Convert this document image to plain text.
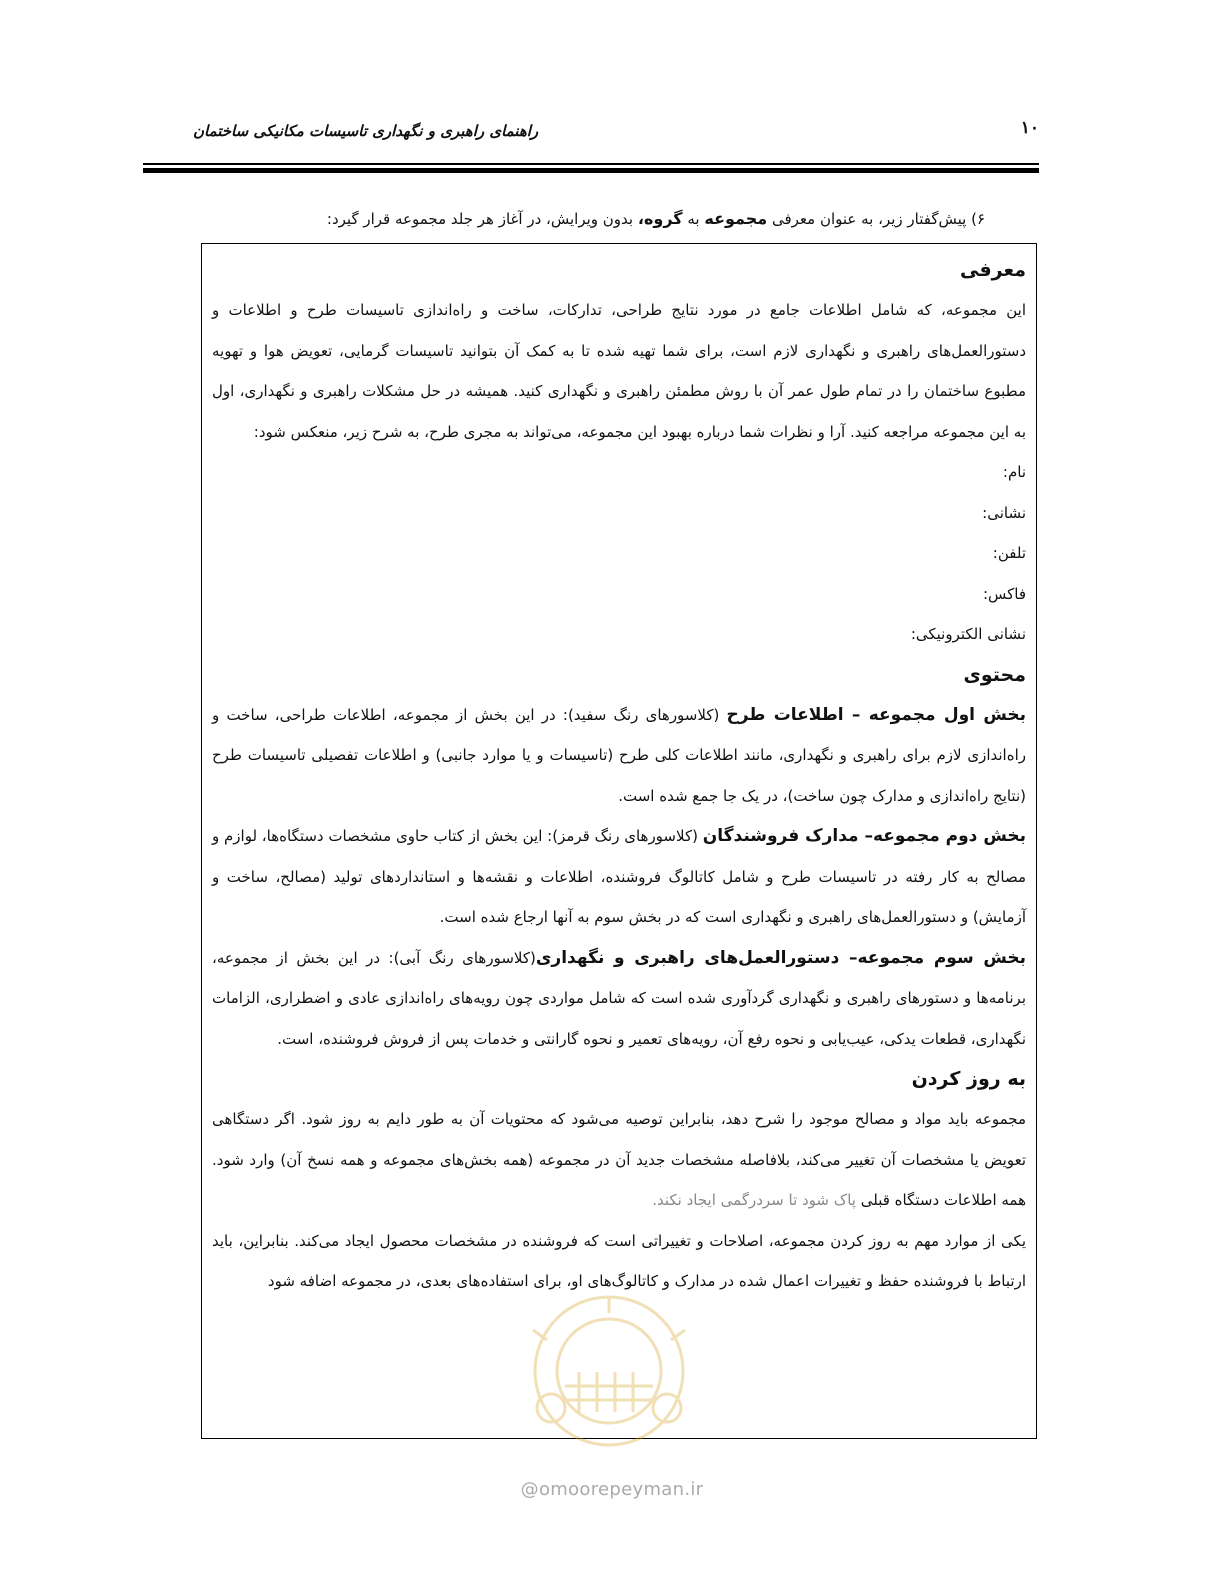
۱۰
راهنمای راهبری و نگهداری تاسیسات مکانیکی ساختمان
۶) پیش‌گفتار زیر، به عنوان معرفی مجموعه به گروه، بدون ویرایش، در آغاز هر جلد مجموعه قرار گیرد:

معرفی

این مجموعه، که شامل اطلاعات جامع در مورد نتایج طراحی، تدارکات، ساخت و راه‌اندازی تاسیسات طرح و اطلاعات و دستورالعمل‌های راهبری و نگهداری لازم است، برای شما تهیه شده تا به کمک آن بتوانید تاسیسات گرمایی، تعویض هوا و تهویه مطبوع ساختمان را در تمام طول عمر آن با روش مطمئن راهبری و نگهداری کنید. همیشه در حل مشکلات راهبری و نگهداری، اول به این مجموعه مراجعه کنید. آرا و نظرات شما درباره بهبود این مجموعه، می‌تواند به مجری طرح، به شرح زیر، منعکس شود:

نام:

نشانی:

تلفن:

فاکس:

نشانی الکترونیکی:

محتوی

بخش اول مجموعه – اطلاعات طرح (کلاسورهای رنگ سفید): در این بخش از مجموعه، اطلاعات طراحی، ساخت و راه‌اندازی لازم برای راهبری و نگهداری، مانند اطلاعات کلی طرح (تاسیسات و یا موارد جانبی) و اطلاعات تفصیلی تاسیسات طرح (نتایج راه‌اندازی و مدارک چون ساخت)، در یک جا جمع شده است.

بخش دوم مجموعه– مدارک فروشندگان (کلاسورهای رنگ قرمز): این بخش از کتاب حاوی مشخصات دستگاه‌ها، لوازم و مصالح به کار رفته در تاسیسات طرح و شامل کاتالوگ فروشنده، اطلاعات و نقشه‌ها و استانداردهای تولید (مصالح، ساخت و آزمایش) و دستورالعمل‌های راهبری و نگهداری است که در بخش سوم به آنها ارجاع شده است.

بخش سوم مجموعه– دستورالعمل‌های راهبری و نگهداری(کلاسورهای رنگ آبی): در این بخش از مجموعه، برنامه‌ها و دستورهای راهبری و نگهداری گردآوری شده است که شامل مواردی چون رویه‌های راه‌اندازی عادی و اضطراری، الزامات نگهداری، قطعات یدکی، عیب‌یابی و نحوه رفع آن، رویه‌های تعمیر و نحوه گارانتی و خدمات پس از فروش فروشنده، است.

به روز کردن

مجموعه باید مواد و مصالح موجود را شرح دهد، بنابراین توصیه می‌شود که محتویات آن به طور دایم به روز شود. اگر دستگاهی تعویض یا مشخصات آن تغییر می‌کند، بلافاصله مشخصات جدید آن در مجموعه (همه بخش‌های مجموعه و همه نسخ آن) وارد شود. همه اطلاعات دستگاه قبلی پاک شود تا سردرگمی ایجاد نکند.

یکی از موارد مهم به روز کردن مجموعه، اصلاحات و تغییراتی است که فروشنده در مشخصات محصول ایجاد می‌کند. بنابراین، باید ارتباط با فروشنده حفظ و تغییرات اعمال شده در مدارک و کاتالوگ‌های او، برای استفاده‌های بعدی، در مجموعه اضافه شود

@omoorepeyman.ir
